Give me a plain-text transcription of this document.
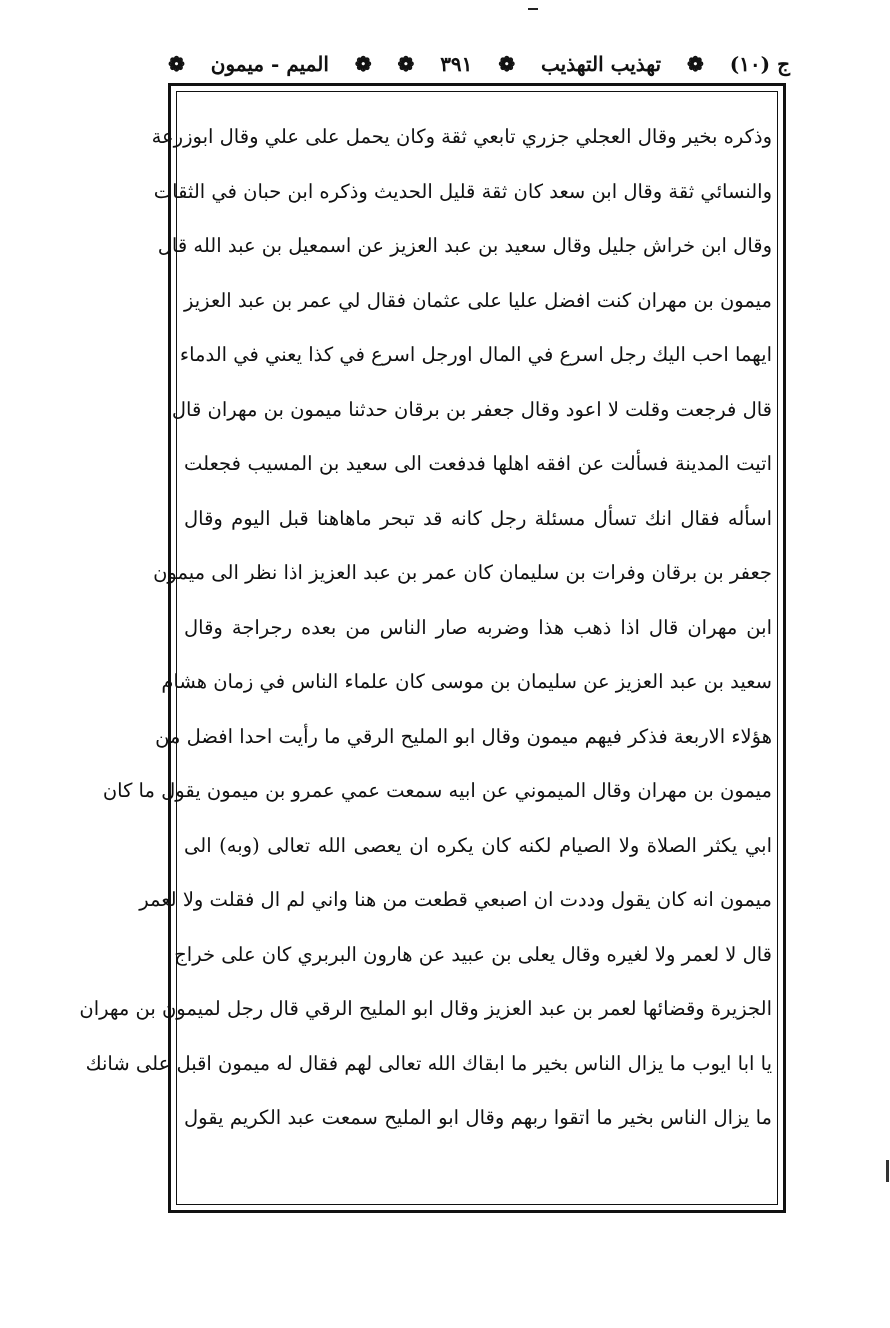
ج (١٠)
❁
تهذيب التهذيب
❁
٣٩١
❁
❁
الميم - ميمون
❁
وذكره بخير وقال العجلي جزري تابعي ثقة وكان يحمل على علي وقال ابوزرعة
والنسائي ثقة وقال ابن سعد كان ثقة قليل الحديث وذكره ابن حبان في الثقات
وقال ابن خراش جليل وقال سعيد بن عبد العزيز عن اسمعيل بن عبد الله قال
ميمون بن مهران كنت افضل عليا على عثمان فقال لي عمر بن عبد العزيز
ايهما احب اليك رجل اسرع في المال اورجل اسرع في كذا يعني في الدماء
قال فرجعت وقلت لا اعود وقال جعفر بن برقان حدثنا ميمون بن مهران قال
اتيت المدينة فسألت عن افقه اهلها فدفعت الى سعيد بن المسيب فجعلت
اسأله فقال انك تسأل مسئلة رجل كانه قد تبحر ماهاهنا قبل اليوم وقال
جعفر بن برقان وفرات بن سليمان كان عمر بن عبد العزيز اذا نظر الى ميمون
ابن مهران قال اذا ذهب هذا وضربه صار الناس من بعده رجراجة وقال
سعيد بن عبد العزيز عن سليمان بن موسى كان علماء الناس في زمان هشام
هؤلاء الاربعة فذكر فيهم ميمون وقال ابو المليح الرقي ما رأيت احدا افضل من
ميمون بن مهران وقال الميموني عن ابيه سمعت عمي عمرو بن ميمون يقول ما كان
ابي يكثر الصلاة ولا الصيام لكنه كان يكره ان يعصى الله تعالى (وبه) الى
ميمون انه كان يقول وددت ان اصبعي قطعت من هنا واني لم ال فقلت ولا لعمر
قال لا لعمر ولا لغيره وقال يعلى بن عبيد عن هارون البربري كان على خراج
الجزيرة وقضائها لعمر بن عبد العزيز وقال ابو المليح الرقي قال رجل لميمون بن مهران
يا ابا ايوب ما يزال الناس بخير ما ابقاك الله تعالى لهم فقال له ميمون اقبل على شانك
ما يزال الناس بخير ما اتقوا ربهم وقال ابو المليح سمعت عبد الكريم يقول
